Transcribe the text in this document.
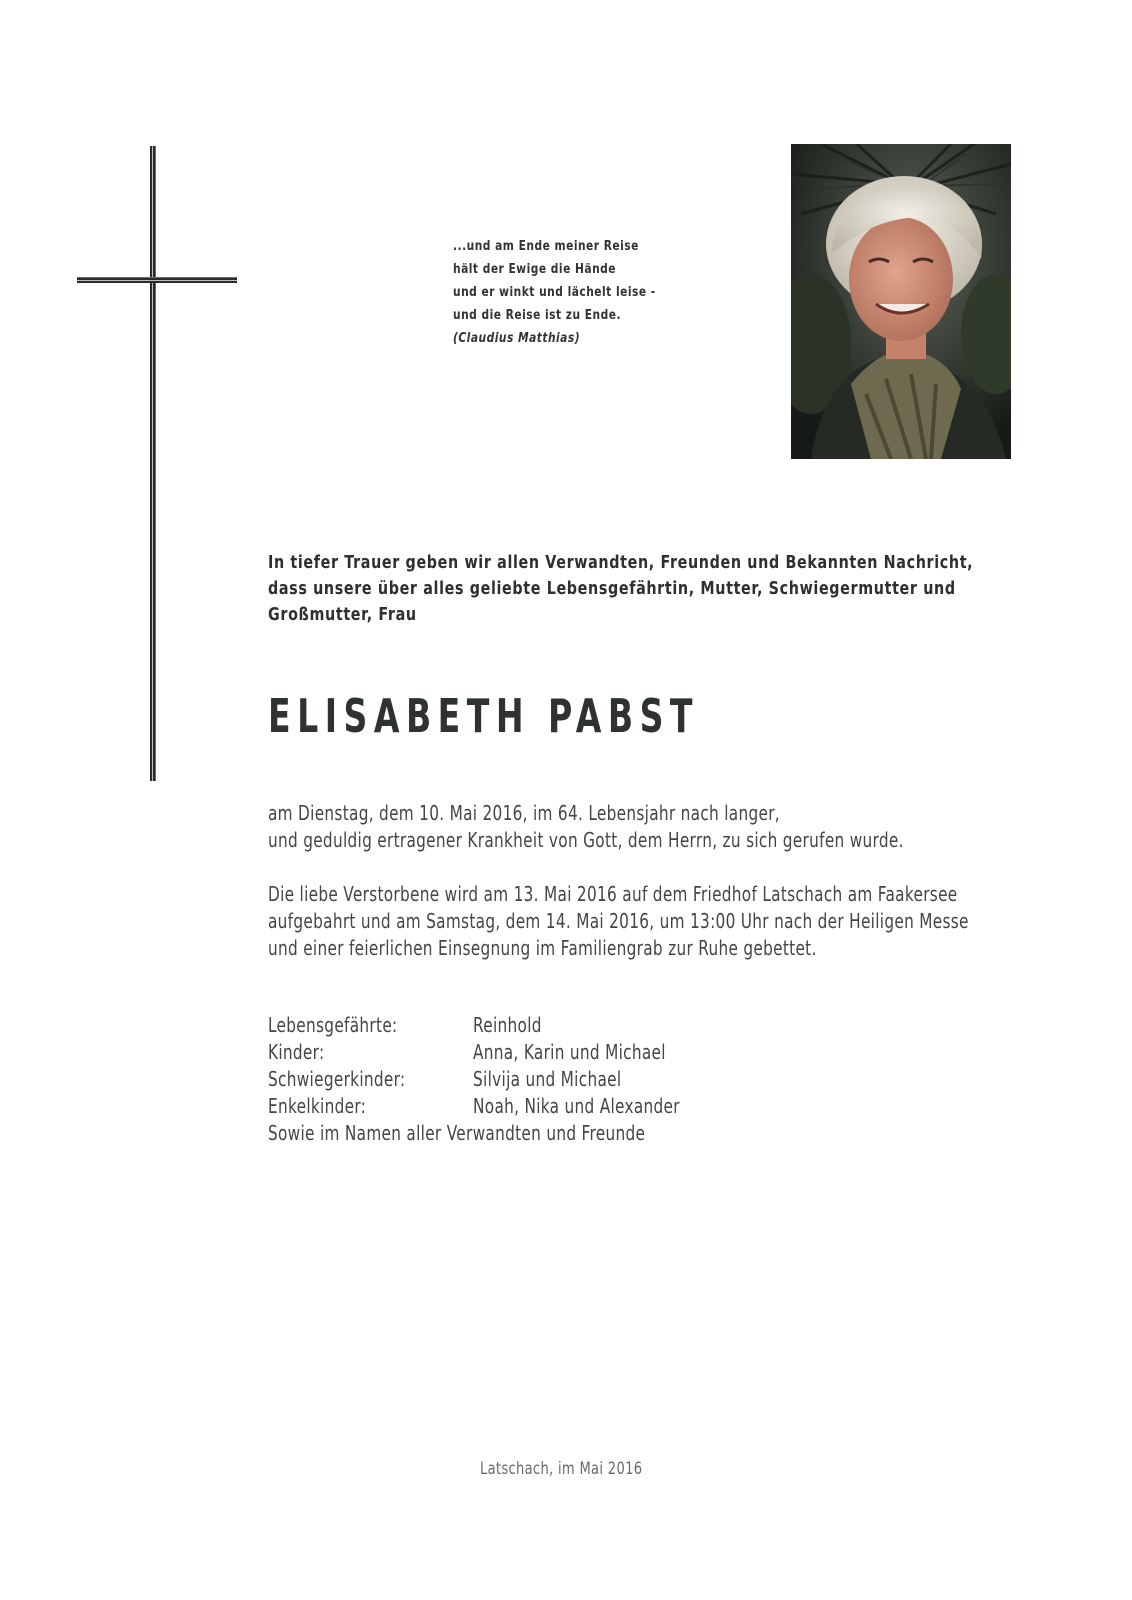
...und am Ende meiner Reise
hält der Ewige die Hände
und er winkt und lächelt leise -
und die Reise ist zu Ende.
(Claudius Matthias)
In tiefer Trauer geben wir allen Verwandten, Freunden und Bekannten Nachricht,
dass unsere über alles geliebte Lebensgefährtin, Mutter, Schwiegermutter und
Großmutter, Frau
ELISABETH PABST
am Dienstag, dem 10. Mai 2016, im 64. Lebensjahr nach langer,
und geduldig ertragener Krankheit von Gott, dem Herrn, zu sich gerufen wurde.
Die liebe Verstorbene wird am 13. Mai 2016 auf dem Friedhof Latschach am Faakersee
aufgebahrt und am Samstag, dem 14. Mai 2016, um 13:00 Uhr nach der Heiligen Messe
und einer feierlichen Einsegnung im Familiengrab zur Ruhe gebettet.
Lebensgefährte:	Reinhold
Kinder:	Anna, Karin und Michael
Schwiegerkinder:	Silvija und Michael
Enkelkinder:	Noah, Nika und Alexander
Sowie im Namen aller Verwandten und Freunde
Latschach, im Mai 2016
